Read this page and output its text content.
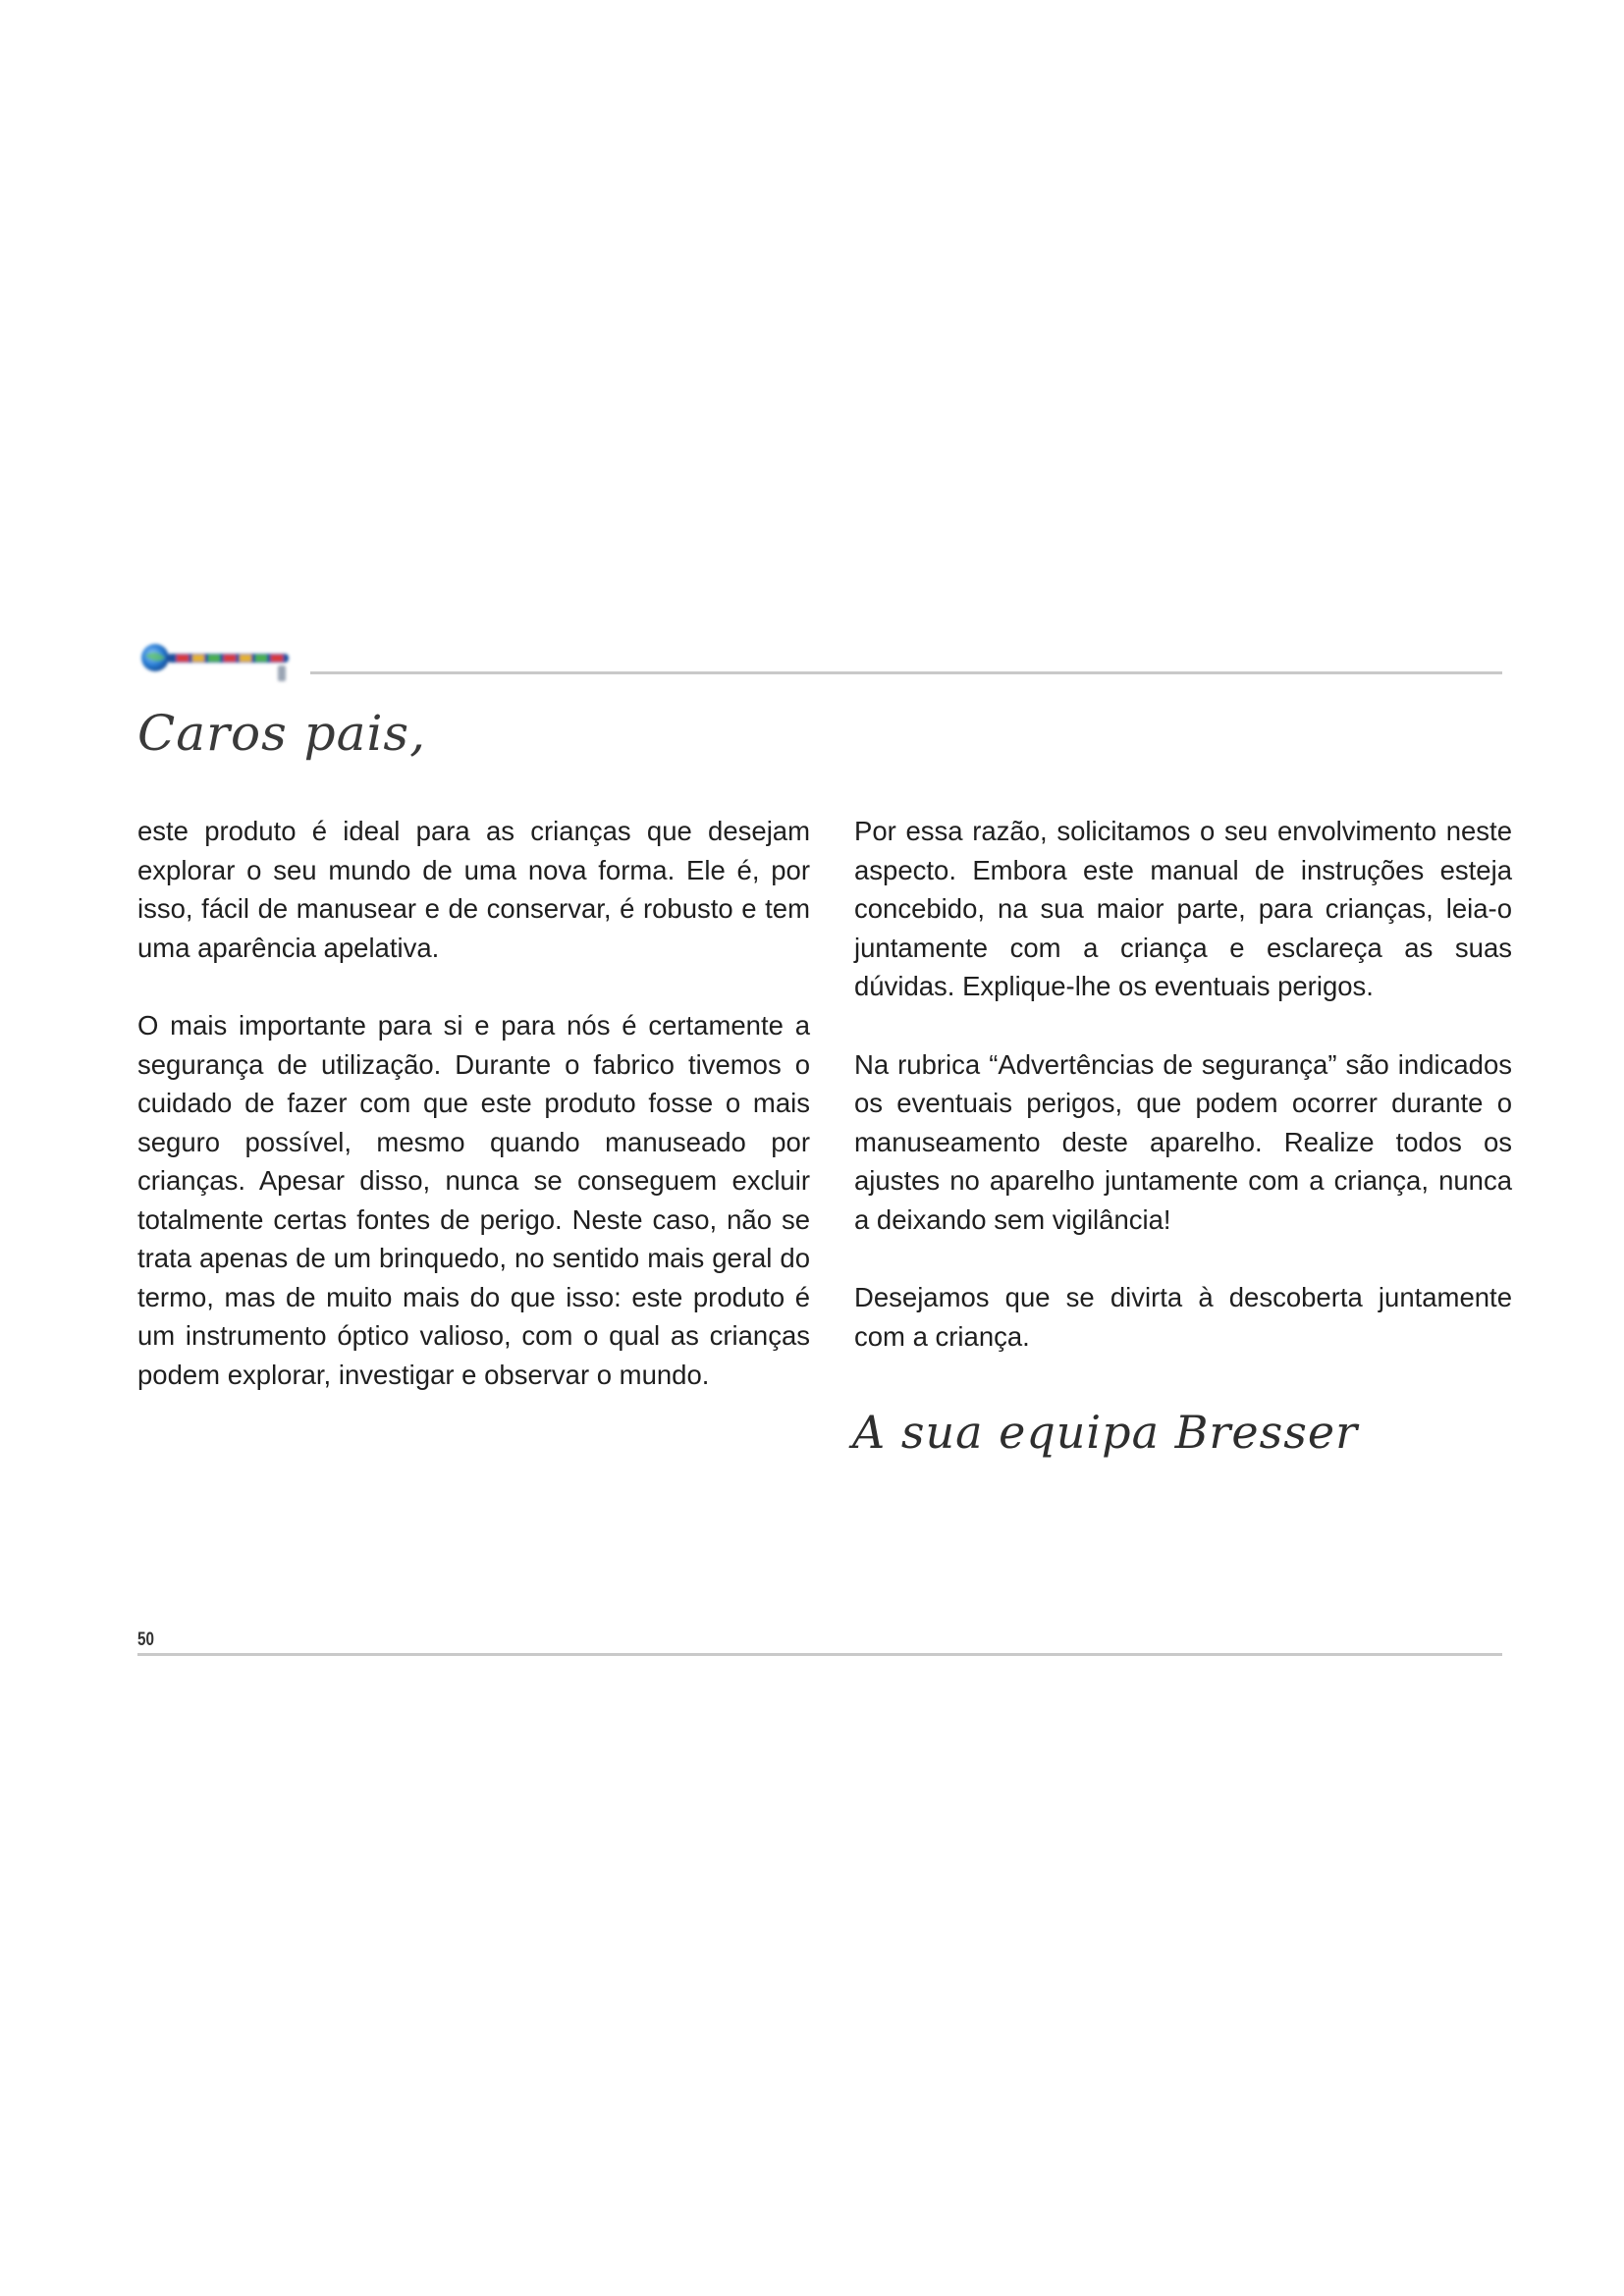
Caros pais,

este produto é ideal para as crianças que desejam explorar o seu mundo de uma nova forma. Ele é, por isso, fácil de manusear e de conservar, é robusto e tem uma aparência apelativa.

O mais importante para si e para nós é certamente a segurança de utilização. Durante o fabrico tivemos o cuidado de fazer com que este produto fosse o mais seguro possível, mesmo quando manuseado por crianças. Apesar disso, nunca se conseguem excluir totalmente certas fontes de perigo. Neste caso, não se trata apenas de um brinquedo, no sentido mais geral do termo, mas de muito mais do que isso: este produto é um instrumento óptico valioso, com o qual as crianças podem explorar, investigar e observar o mundo.

Por essa razão, solicitamos o seu envolvimento neste aspecto. Embora este manual de instruções esteja concebido, na sua maior parte, para crianças, leia-o juntamente com a criança e esclareça as suas dúvidas. Explique-lhe os eventuais perigos.

Na rubrica “Advertências de segurança” são indicados os eventuais perigos, que podem ocorrer durante o manuseamento deste aparelho. Realize todos os ajustes no aparelho juntamente com a criança, nunca a deixando sem vigilância!

Desejamos que se divirta à descoberta juntamente com a criança.

A sua equipa Bresser

50
